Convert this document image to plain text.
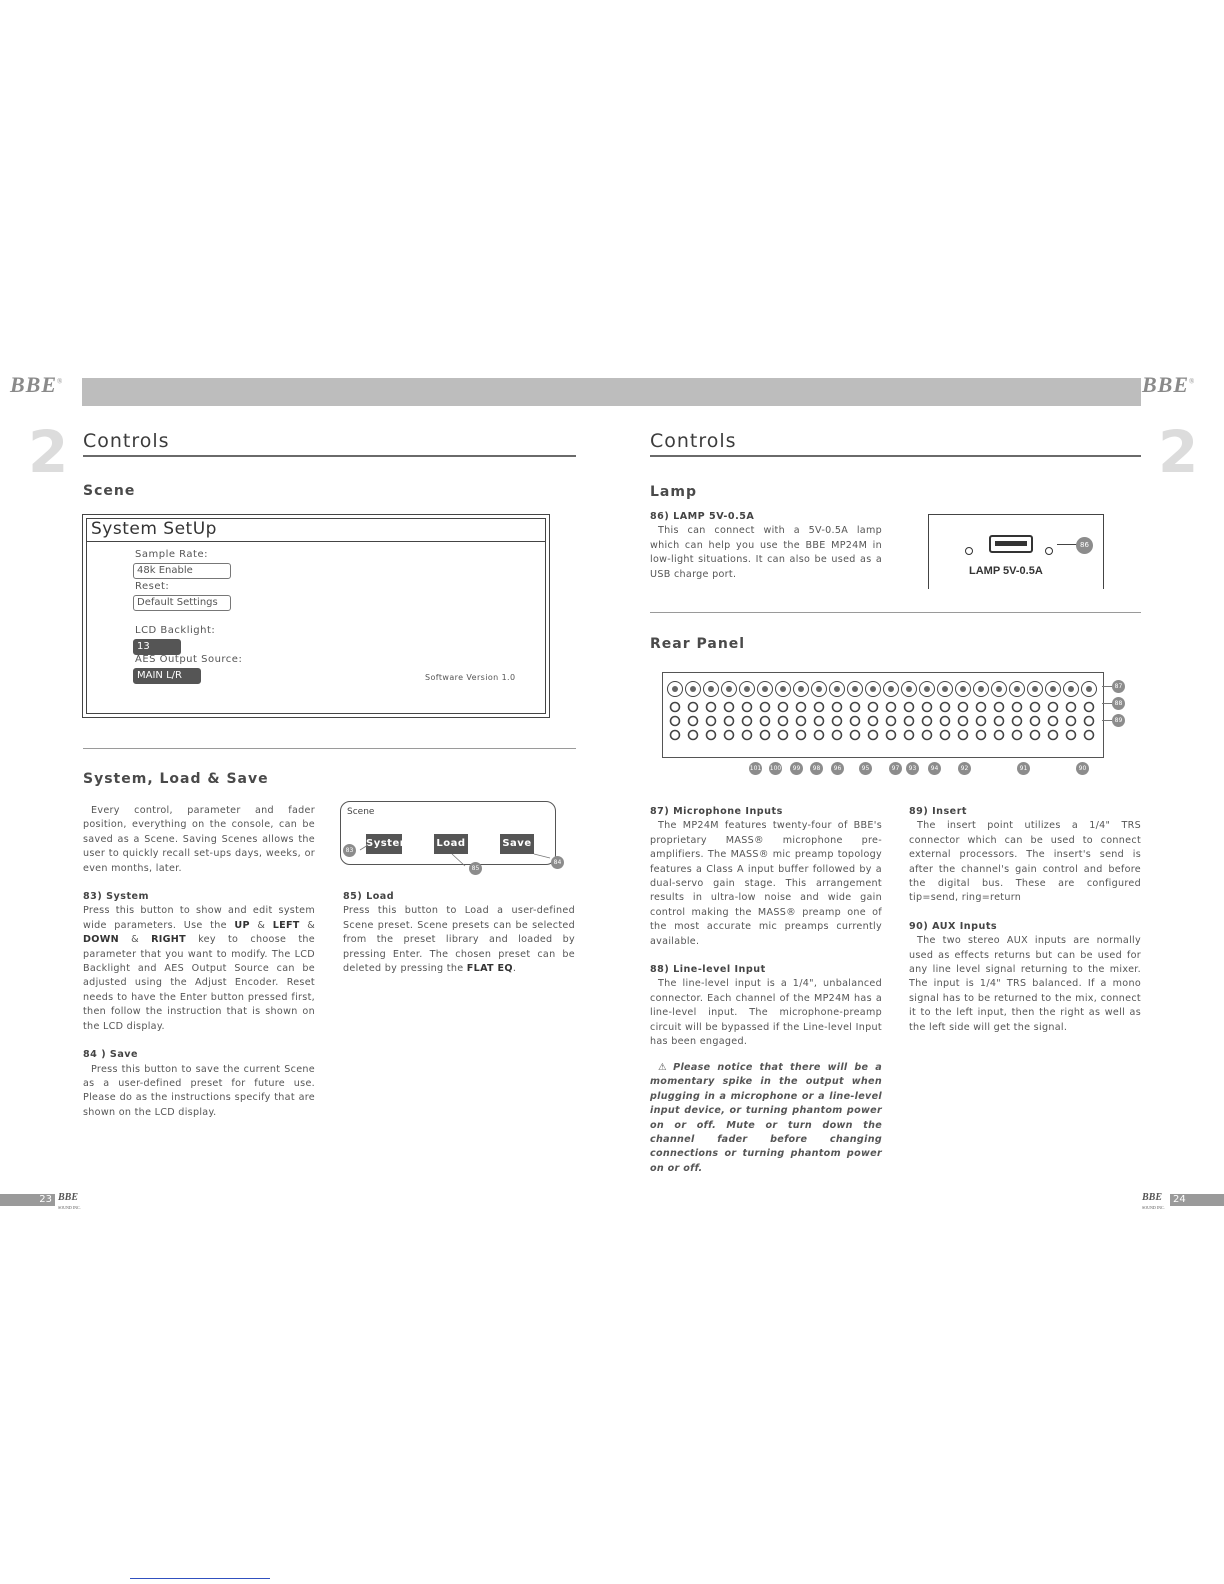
BBE®	BBE®
2	2
Controls
Scene
System SetUp
Sample Rate:
48k Enable
Reset:
Default Settings
LCD Backlight:
13
AES Output Source:
MAIN L/R	Software Version 1.0
System, Load & Save

Every control, parameter and fader position, everything on the console, can be saved as a Scene. Saving Scenes allows the user to quickly recall set-ups days, weeks, or even months, later.

83) System

Press this button to show and edit system wide parameters. Use the UP & LEFT & DOWN & RIGHT key to choose the parameter that you want to modify. The LCD Backlight and AES Output Source can be adjusted using the Adjust Encoder. Reset needs to have the Enter button pressed first, then follow the instruction that is shown on the LCD display.

84 ) Save

Press this button to save the current Scene as a user-defined preset for future use. Please do as the instructions specify that are shown on the LCD display.

Scene
System	Load	Save
83
85
84

85) Load

Press this button to Load a user-defined Scene preset. Scene presets can be selected from the preset library and loaded by pressing Enter. The chosen preset can be deleted by pressing the FLAT EQ.

Controls
Lamp

86) LAMP 5V-0.5A

This can connect with a 5V-0.5A lamp which can help you use the BBE MP24M in low-light situations. It can also be used as a USB charge port.

86
LAMP 5V-0.5A
Rear Panel
87
88
89
101 100	99	98	96	95	97	93	94	92	91	90

87) Microphone Inputs

The MP24M features twenty-four of BBE's proprietary MASS® microphone pre-amplifiers. The MASS® mic preamp topology features a Class A input buffer followed by a dual-servo gain stage. This arrangement results in ultra-low noise and wide gain control making the MASS® preamp one of the most accurate mic preamps currently available.

88) Line-level Input

The line-level input is a 1/4", unbalanced connector. Each channel of the MP24M has a line-level input. The microphone-preamp circuit will be bypassed if the Line-level Input has been engaged.

89) Insert

The insert point utilizes a 1/4" TRS connector which can be used to connect external processors. The insert's send is after the channel's gain control and before the digital bus. These are configured tip=send, ring=return

90) AUX Inputs

The two stereo AUX inputs are normally used as effects returns but can be used for any line level signal returning to the mixer. The input is 1/4" TRS balanced. If a mono signal has to be returned to the mix, connect it to the left input, then the right as well as the left side will get the signal.

⚠ Please notice that there will be a momentary spike in the output when plugging in a microphone or a line-level input device, or turning phantom power on or off. Mute or turn down the channel fader before changing connections or turning phantom power on or off.
23 BBE
SOUND INC.
BBE
SOUND INC.
24
